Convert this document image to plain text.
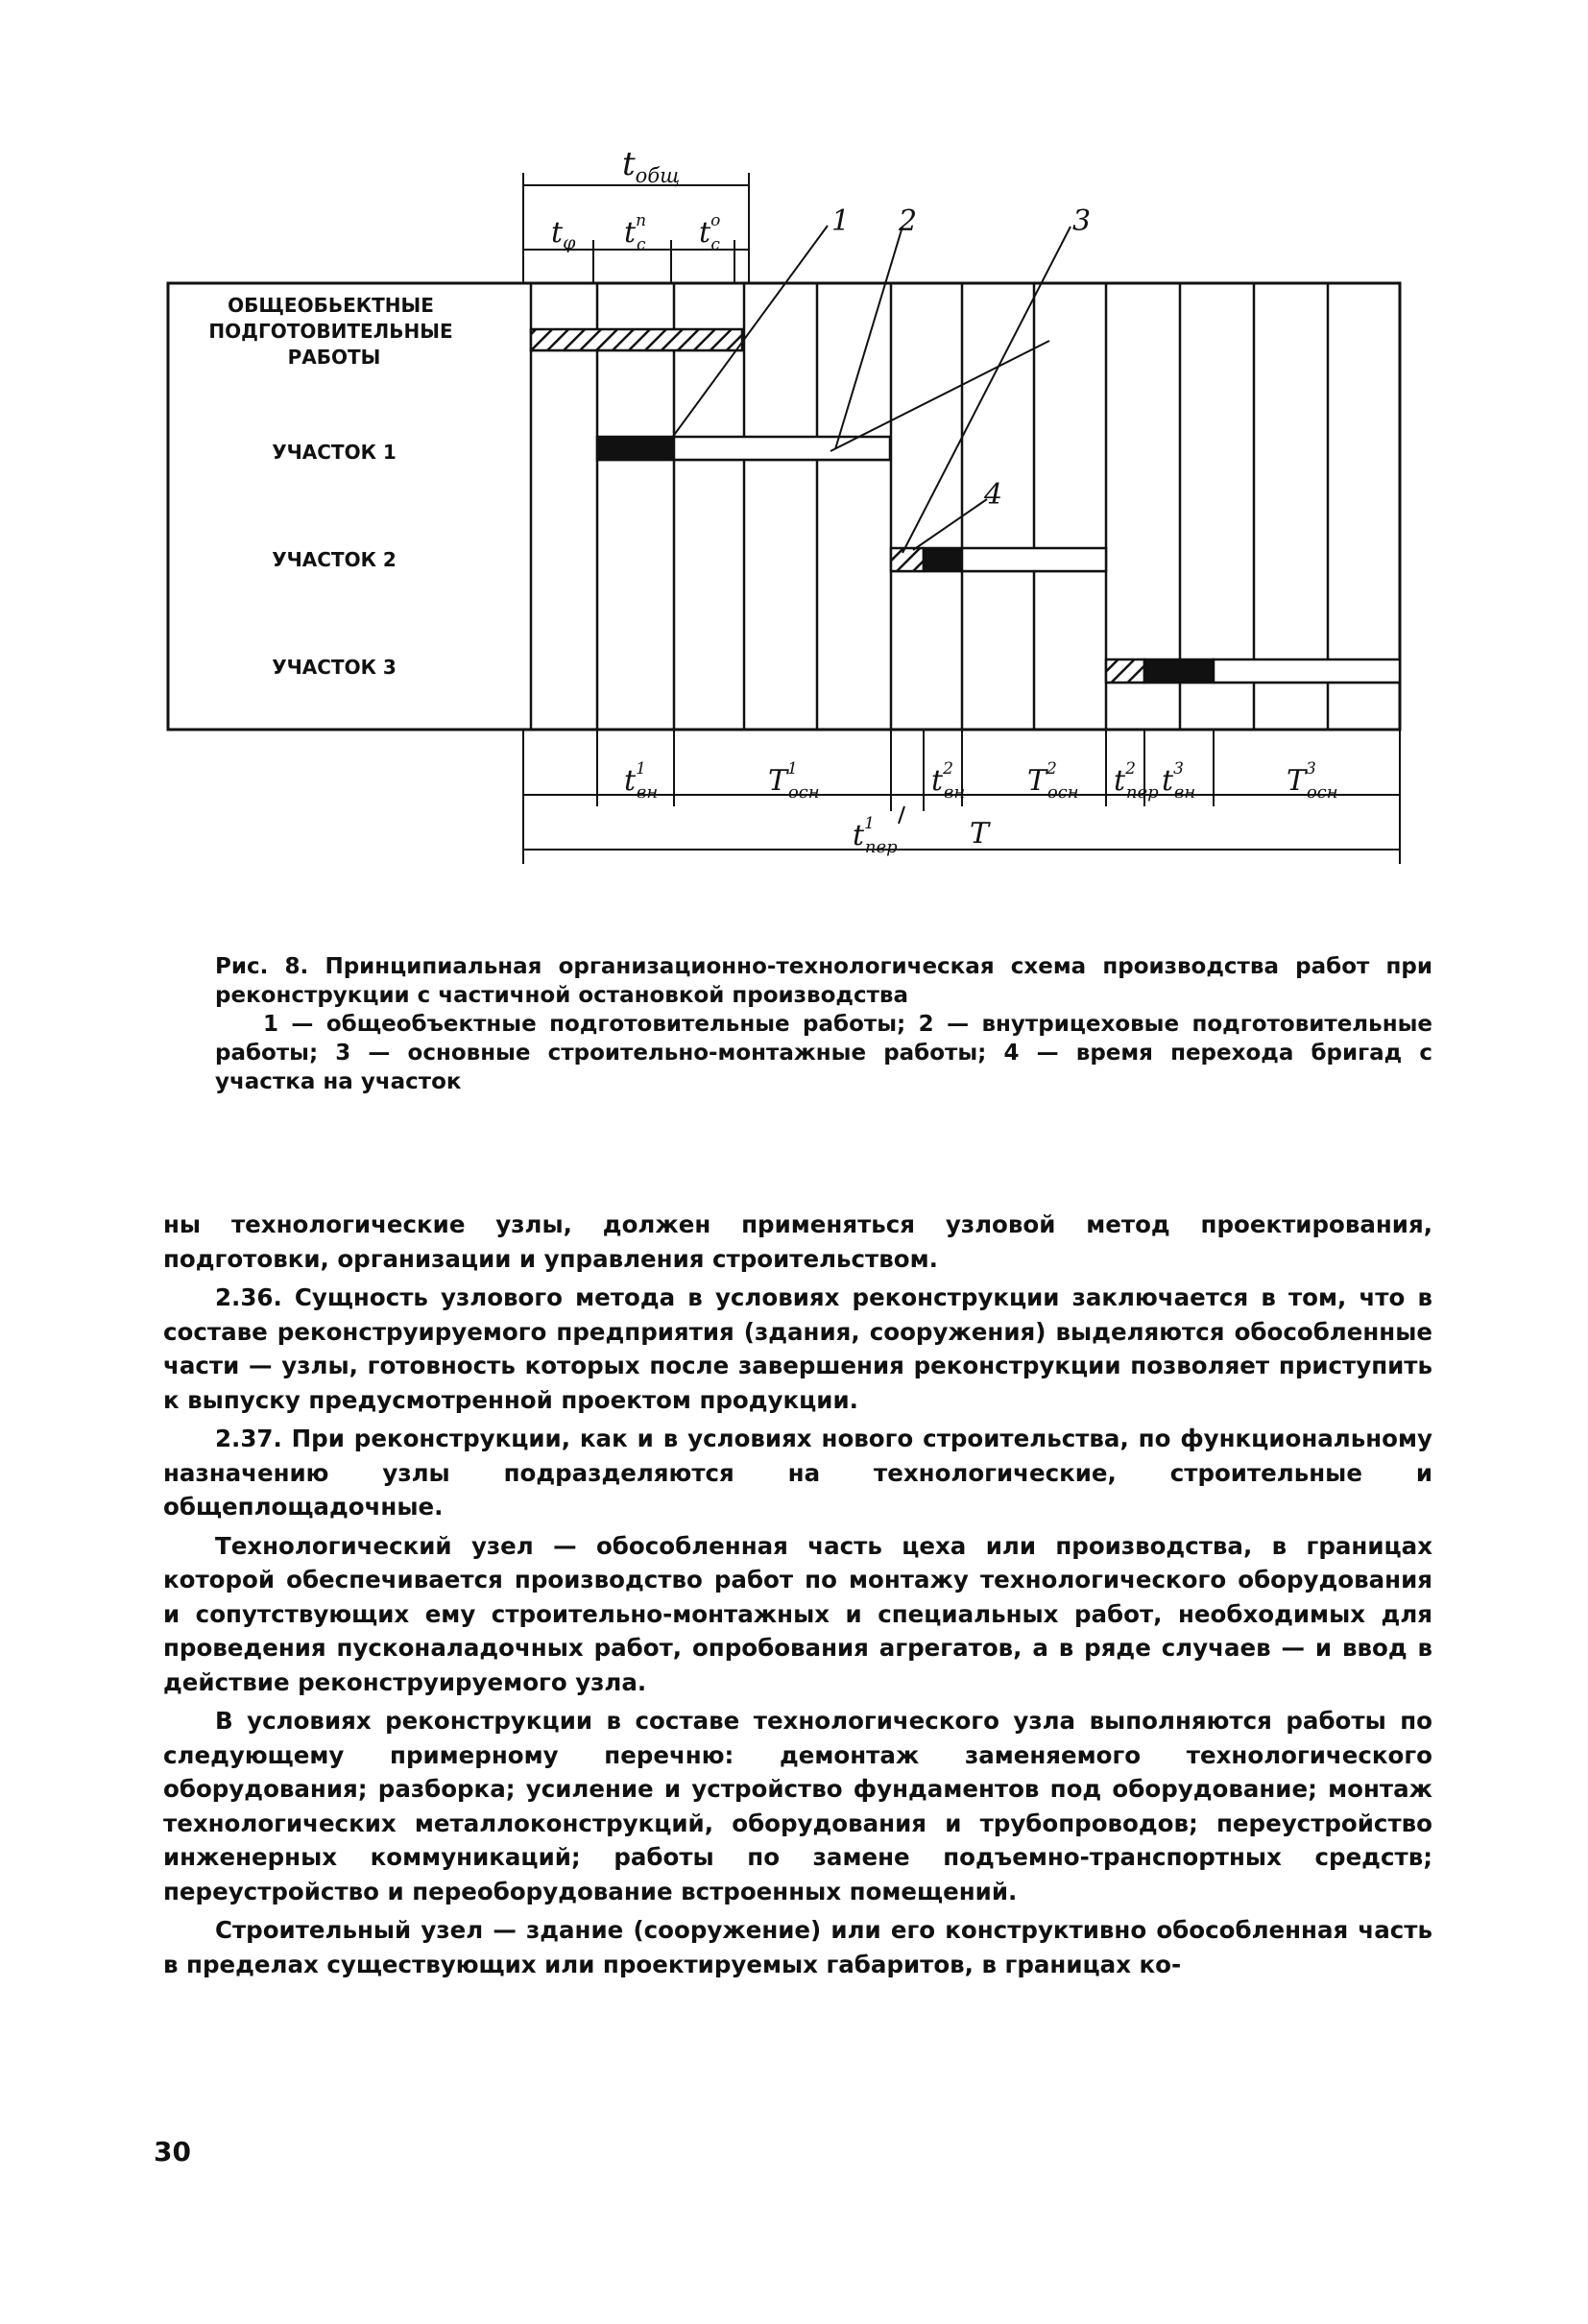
ОБЩЕОБЬЕКТНЫЕ ПОДГОТОВИТЕЛЬНЫЕ РАБОТЫ
УЧАСТОК 1
УЧАСТОК 2
УЧАСТОК 3
1 2	3
4
$t_{общ}$
$t_\varphi$ $t^п$ с $t^о$ с
$t^1$ вн	$T^1$ осн	$t^2$ вн $T^2$ осн $t^2$ пер $t^3$ вн	$T^3$ осн
$t^1$ пер	T
Рис. 8. Принципиальная организационно-технологическая схема производства работ при реконструкции с частичной остановкой производства
1 — общеобъектные подготовительные работы; 2 — внутрицеховые подготовительные работы; 3 — основные строительно-монтажные работы; 4 — время перехода бригад с участка на участок

ны технологические узлы, должен применяться узловой метод проектирования, подготовки, организации и управления строительством.

2.36. Сущность узлового метода в условиях реконструкции заключается в том, что в составе реконструируемого предприятия (здания, сооружения) выделяются обособленные части — узлы, готовность которых после завершения реконструкции позволяет приступить к выпуску предусмотренной проектом продукции.

2.37. При реконструкции, как и в условиях нового строительства, по функциональному назначению узлы подразделяются на технологические, строительные и общеплощадочные.

Технологический узел — обособленная часть цеха или производства, в границах которой обеспечивается производство работ по монтажу технологического оборудования и сопутствующих ему строительно-монтажных и специальных работ, необходимых для проведения пусконаладочных работ, опробования агрегатов, а в ряде случаев — и ввод в действие реконструируемого узла.

В условиях реконструкции в составе технологического узла выполняются работы по следующему примерному перечню: демонтаж заменяемого технологического оборудования; разборка; усиление и устройство фундаментов под оборудование; монтаж технологических металлоконструкций, оборудования и трубопроводов; переустройство инженерных коммуникаций; работы по замене подъемно-транспортных средств; переустройство и переоборудование встроенных помещений.

Строительный узел — здание (сооружение) или его конструктивно обособленная часть в пределах существующих или проектируемых габаритов, в границах ко-

30
